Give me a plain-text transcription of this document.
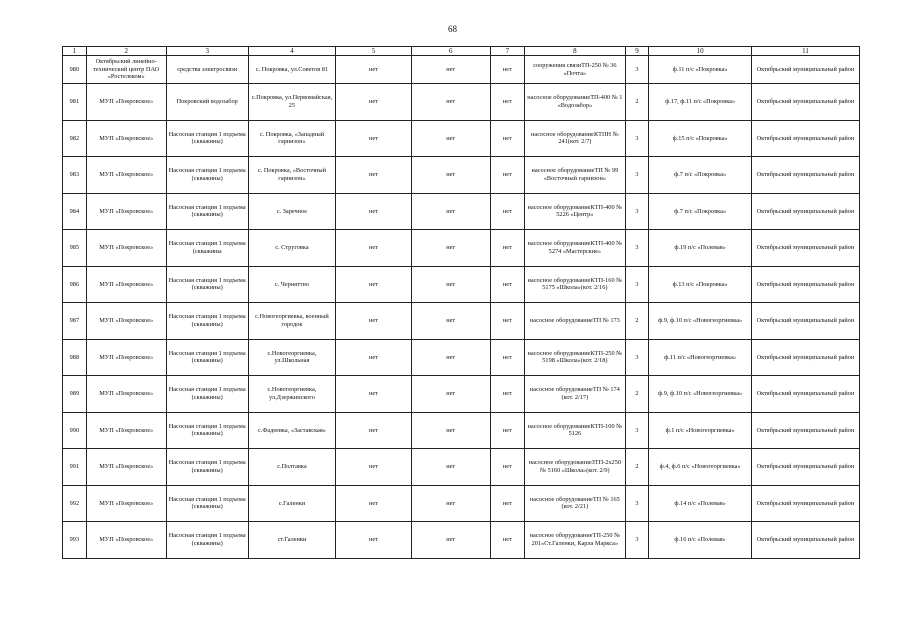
68
1	2	3	4	5	6	7	8	9	10	11
980	Октябрьский линейно-технический центр ПАО «Ростелеком»	средства электросвязи	с. Покровка, ул.Советов 81	нет	нет	нет	сооружения связиТП-250 № 36 «Почта»	3	ф.11 п/с «Покровка»	Октябрьский муниципальный район
981	МУП «Покровское»	Покровский водозабор	с.Покровка, ул.Первомайская, 25	нет	нет	нет	насосное оборудованиеТП-400 № 1 «Водозабор»	2	ф.17, ф.11 п/с «Покровка»	Октябрьский муниципальный район
982	МУП «Покровское»	Насосная станция 1 подъема (скважины)	с. Покровка, «Западный гарнизон»	нет	нет	нет	насосное оборудованиеКТПН № 241(кот. 2/7)	3	ф.15 п/с «Покровка»	Октябрьский муниципальный район
983	МУП «Покровское»	Насосная станция 1 подъема (скважины)	с. Покровка, «Восточный гарнизон»	нет	нет	нет	насосное оборудованиеТП № 99 «Восточный гарнизон»	3	ф.7 п/с «Покровка»	Октябрьский муниципальный район
984	МУП «Покровское»	Насосная станция 1 подъема (скважины)	с. Заречное	нет	нет	нет	насосное оборудованиеКТП-400 № 5226 «Центр»	3	ф.7 п/с «Покровка»	Октябрьский муниципальный район
985	МУП «Покровское»	Насосная станция 1 подъема (скважины	с. Струговка	нет	нет	нет	насосное оборудованиеКТП-400 № 5274 «Мастерские»	3	ф.19 п/с «Полевая»	Октябрьский муниципальный район
986	МУП «Покровское»	Насосная станция 1 подъема (скважины)	с. Черняттно	нет	нет	нет	насосное оборудованиеКТП-160 № 5175 «Школа»(кот. 2/16)	3	ф.13 п/с «Покровка»	Октябрьский муниципальный район
987	МУП «Покровское»	Насосная станция 1 подъема (скважины)	с.Новогеоргиевка, военный городок	нет	нет	нет	насосное оборудованиеТП № 173	2	ф.9, ф.10 п/с «Новогеоргиевка»	Октябрьский муниципальный район
988	МУП «Покровское»	Насосная станция 1 подъема (скважины)	с.Новогеоргиевка, ул.Школьная	нет	нет	нет	насосное оборудованиеКТП-250 № 5198 «Школа»(кот. 2/18)	3	ф.11 п/с «Новогеоргиевка»	Октябрьский муниципальный район
989	МУП «Покровское»	Насосная станция 1 подъема (скважины)	с.Новогеоргиевка, ул.Дзержинского	нет	нет	нет	насосное оборудованиеТП № 174 (кот. 2/17)	2	ф.9, ф.10 п/с «Новогеоргиевка»	Октябрьский муниципальный район
990	МУП «Покровское»	Насосная станция 1 подъема (скважины)	с.Фадеевка, «Заставская»	нет	нет	нет	насосное оборудованиеКТП-100 № 5126	3	ф.1 п/с «Новогеоргиевка»	Октябрьский муниципальный район
991	МУП «Покровское»	Насосная станция 1 подъема (скважины)	с.Полтавка	нет	нет	нет	насосное оборудованиеЗТП-2х250 № 5160 «Школа»(кот. 2/9)	2	ф.4, ф.6 п/с «Новогеоргиевка»	Октябрьский муниципальный район
992	МУП «Покровское»	Насосная станция 1 подъема (скважины)	с.Галенки	нет	нет	нет	насосное оборудованиеТП № 165 (кот. 2/21)	3	ф.14 п/с «Полевая»	Октябрьский муниципальный район
993	МУП «Покровское»	Насосная станция 1 подъема (скважины)	ст.Галенки	нет	нет	нет	насосное оборудованиеТП-250 № 201«Ст.Галенки, Карла Маркса»	3	ф.16 п/с «Полевая»	Октябрьский муниципальный район
